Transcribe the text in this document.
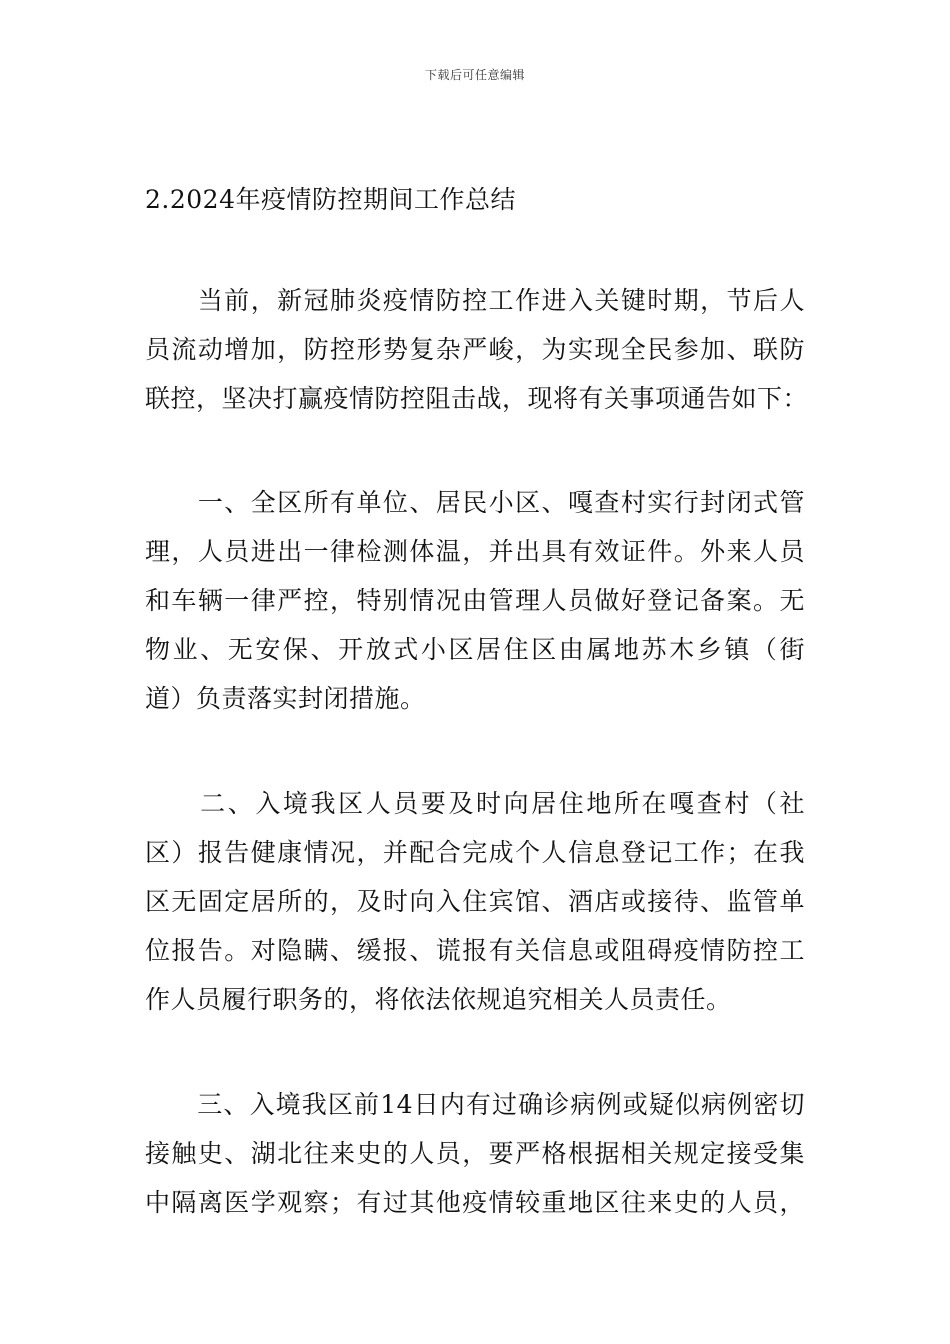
下载后可任意编辑
2.2024年疫情防控期间工作总结
　　当前，新冠肺炎疫情防控工作进入关键时期，节后人
员流动增加，防控形势复杂严峻，为实现全民参加、联防
联控，坚决打赢疫情防控阻击战，现将有关事项通告如下：
　　一、全区所有单位、居民小区、嘎查村实行封闭式管
理，人员进出一律检测体温，并出具有效证件。外来人员
和车辆一律严控，特别情况由管理人员做好登记备案。无
物业、无安保、开放式小区居住区由属地苏木乡镇（街
道）负责落实封闭措施。
　　二、入境我区人员要及时向居住地所在嘎查村（社
区）报告健康情况，并配合完成个人信息登记工作；在我
区无固定居所的，及时向入住宾馆、酒店或接待、监管单
位报告。对隐瞒、缓报、谎报有关信息或阻碍疫情防控工
作人员履行职务的，将依法依规追究相关人员责任。
　　三、入境我区前14日内有过确诊病例或疑似病例密切
接触史、湖北往来史的人员，要严格根据相关规定接受集
中隔离医学观察；有过其他疫情较重地区往来史的人员，
